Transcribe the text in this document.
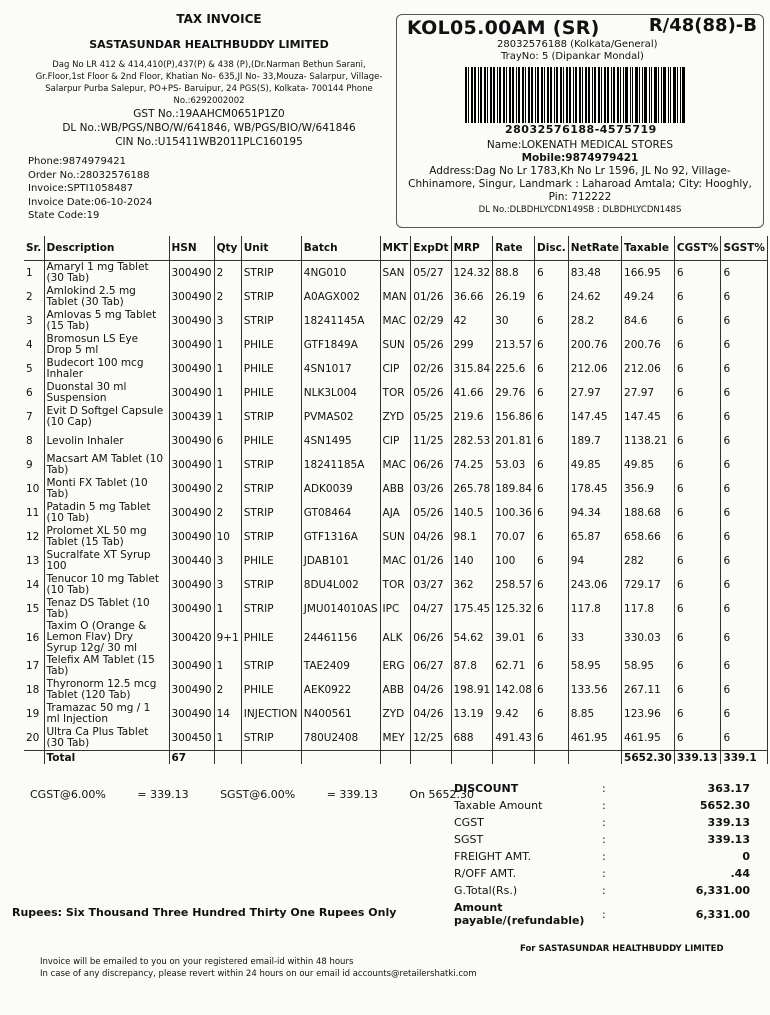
TAX INVOICE
SASTASUNDAR HEALTHBUDDY LIMITED
Dag No LR 412 & 414,410(P),437(P) & 438 (P),(Dr.Narman Bethun Sarani, Gr.Floor,1st Floor & 2nd Floor, Khatian No- 635,Jl No- 33,Mouza- Salarpur, Village- Salarpur Purba Salepur, PO+PS- Baruipur, 24 PGS(S), Kolkata- 700144 Phone No.:6292002002
GST No.:19AAHCM0651P1Z0
DL No.:WB/PGS/NBO/W/641846, WB/PGS/BIO/W/641846
CIN No.:U15411WB2011PLC160195
Phone:9874979421
Order No.:28032576188
Invoice:SPTI1058487
Invoice Date:06-10-2024
State Code:19
KOL05.00AM (SR)	R/48(88)-B
28032576188 (Kolkata/General)
TrayNo: 5 (Dipankar Mondal)
28032576188-4575719
Name:LOKENATH MEDICAL STORES
Mobile:9874979421
Address:Dag No Lr 1783,Kh No Lr 1596, JL No 92, Village-Chhinamore, Singur, Landmark : Laharoad Amtala; City: Hooghly,
Pin: 712222
DL No.:DLBDHLYCDN149SB : DLBDHLYCDN148S
Sr.	Description	HSN	Qty	Unit	Batch	MKT	ExpDt	MRP	Rate	Disc.	NetRate	Taxable	CGST%	SGST%
1	Amaryl 1 mg Tablet (30 Tab)	300490	2	STRIP	4NG010	SAN	05/27	124.32	88.8	6	83.48	166.95	6	6
2	Amlokind 2.5 mg Tablet (30 Tab)	300490	2	STRIP	A0AGX002	MAN	01/26	36.66	26.19	6	24.62	49.24	6	6
3	Amlovas 5 mg Tablet (15 Tab)	300490	3	STRIP	18241145A	MAC	02/29	42	30	6	28.2	84.6	6	6
4	Bromosun LS Eye Drop 5 ml	300490	1	PHILE	GTF1849A	SUN	05/26	299	213.57	6	200.76	200.76	6	6
5	Budecort 100 mcg Inhaler	300490	1	PHILE	4SN1017	CIP	02/26	315.84	225.6	6	212.06	212.06	6	6
6	Duonstal 30 ml Suspension	300490	1	PHILE	NLK3L004	TOR	05/26	41.66	29.76	6	27.97	27.97	6	6
7	Evit D Softgel Capsule (10 Cap)	300439	1	STRIP	PVMAS02	ZYD	05/25	219.6	156.86	6	147.45	147.45	6	6
8	Levolin Inhaler	300490	6	PHILE	4SN1495	CIP	11/25	282.53	201.81	6	189.7	1138.21	6	6
9	Macsart AM Tablet (10 Tab)	300490	1	STRIP	18241185A	MAC	06/26	74.25	53.03	6	49.85	49.85	6	6
10	Monti FX Tablet (10 Tab)	300490	2	STRIP	ADK0039	ABB	03/26	265.78	189.84	6	178.45	356.9	6	6
11	Patadin 5 mg Tablet (10 Tab)	300490	2	STRIP	GT08464	AJA	05/26	140.5	100.36	6	94.34	188.68	6	6
12	Prolomet XL 50 mg Tablet (15 Tab)	300490	10	STRIP	GTF1316A	SUN	04/26	98.1	70.07	6	65.87	658.66	6	6
13	Sucralfate XT Syrup 100	300440	3	PHILE	JDAB101	MAC	01/26	140	100	6	94	282	6	6
14	Tenucor 10 mg Tablet (10 Tab)	300490	3	STRIP	8DU4L002	TOR	03/27	362	258.57	6	243.06	729.17	6	6
15	Tenaz DS Tablet (10 Tab)	300490	1	STRIP	JMU014010AS	IPC	04/27	175.45	125.32	6	117.8	117.8	6	6
16	Taxim O (Orange & Lemon Flav) Dry Syrup 12g/ 30 ml	300420	9+1	PHILE	24461156	ALK	06/26	54.62	39.01	6	33	330.03	6	6
17	Telefix AM Tablet (15 Tab)	300490	1	STRIP	TAE2409	ERG	06/27	87.8	62.71	6	58.95	58.95	6	6
18	Thyronorm 12.5 mcg Tablet (120 Tab)	300490	2	PHILE	AEK0922	ABB	04/26	198.91	142.08	6	133.56	267.11	6	6
19	Tramazac 50 mg / 1 ml Injection	300490	14	INJECTION	N400561	ZYD	04/26	13.19	9.42	6	8.85	123.96	6	6
20	Ultra Ca Plus Tablet (30 Tab)	300450	1	STRIP	780U2408	MEY	12/25	688	491.43	6	461.95	461.95	6	6
	Total	67										5652.30	339.13	339.1
CGST@6.00%	= 339.13	SGST@6.00%	= 339.13	On 5652.30
DISCOUNT	:	363.17
Taxable Amount	:	5652.30
CGST	:	339.13
SGST	:	339.13
FREIGHT AMT.	:	0
R/OFF AMT.	:	.44
G.Total(Rs.)	:	6,331.00
Amount payable/(refundable)	:	6,331.00
Rupees: Six Thousand Three Hundred Thirty One Rupees Only
For SASTASUNDAR HEALTHBUDDY LIMITED
Invoice will be emailed to you on your registered email-id within 48 hours
In case of any discrepancy, please revert within 24 hours on our email id accounts@retailershatki.com
